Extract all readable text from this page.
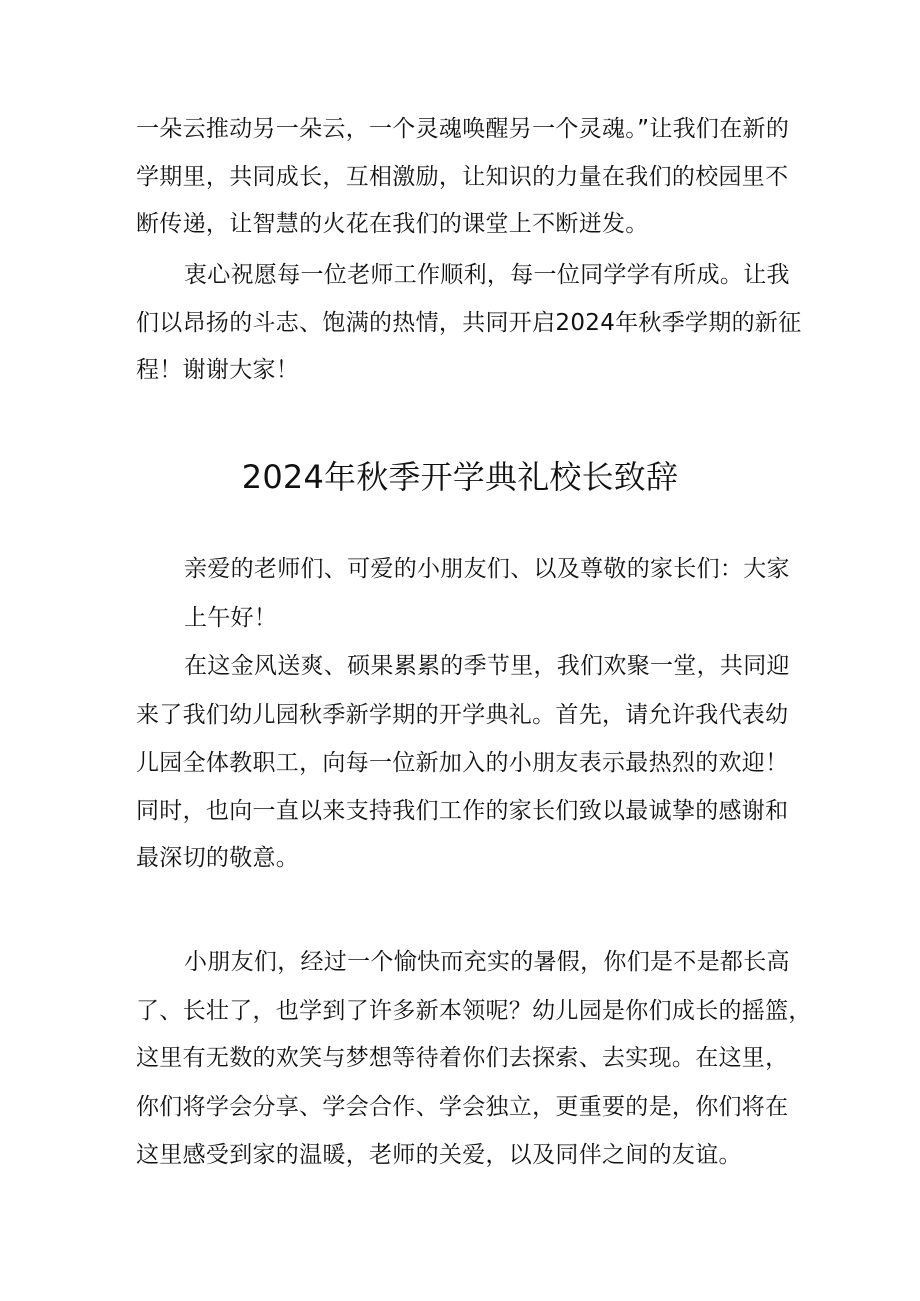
一朵云推动另一朵云，一个灵魂唤醒另一个灵魂。”让我们在新的
学期里，共同成长，互相激励，让知识的力量在我们的校园里不
断传递，让智慧的火花在我们的课堂上不断迸发。
衷心祝愿每一位老师工作顺利，每一位同学学有所成。让我
们以昂扬的斗志、饱满的热情，共同开启2024年秋季学期的新征
程！谢谢大家！
2024年秋季开学典礼校长致辞
亲爱的老师们、可爱的小朋友们、以及尊敬的家长们：大家
上午好！
在这金风送爽、硕果累累的季节里，我们欢聚一堂，共同迎
来了我们幼儿园秋季新学期的开学典礼。首先，请允许我代表幼
儿园全体教职工，向每一位新加入的小朋友表示最热烈的欢迎！
同时，也向一直以来支持我们工作的家长们致以最诚挚的感谢和
最深切的敬意。
小朋友们，经过一个愉快而充实的暑假，你们是不是都长高
了、长壮了，也学到了许多新本领呢？幼儿园是你们成长的摇篮，
这里有无数的欢笑与梦想等待着你们去探索、去实现。在这里，
你们将学会分享、学会合作、学会独立，更重要的是，你们将在
这里感受到家的温暖，老师的关爱，以及同伴之间的友谊。
